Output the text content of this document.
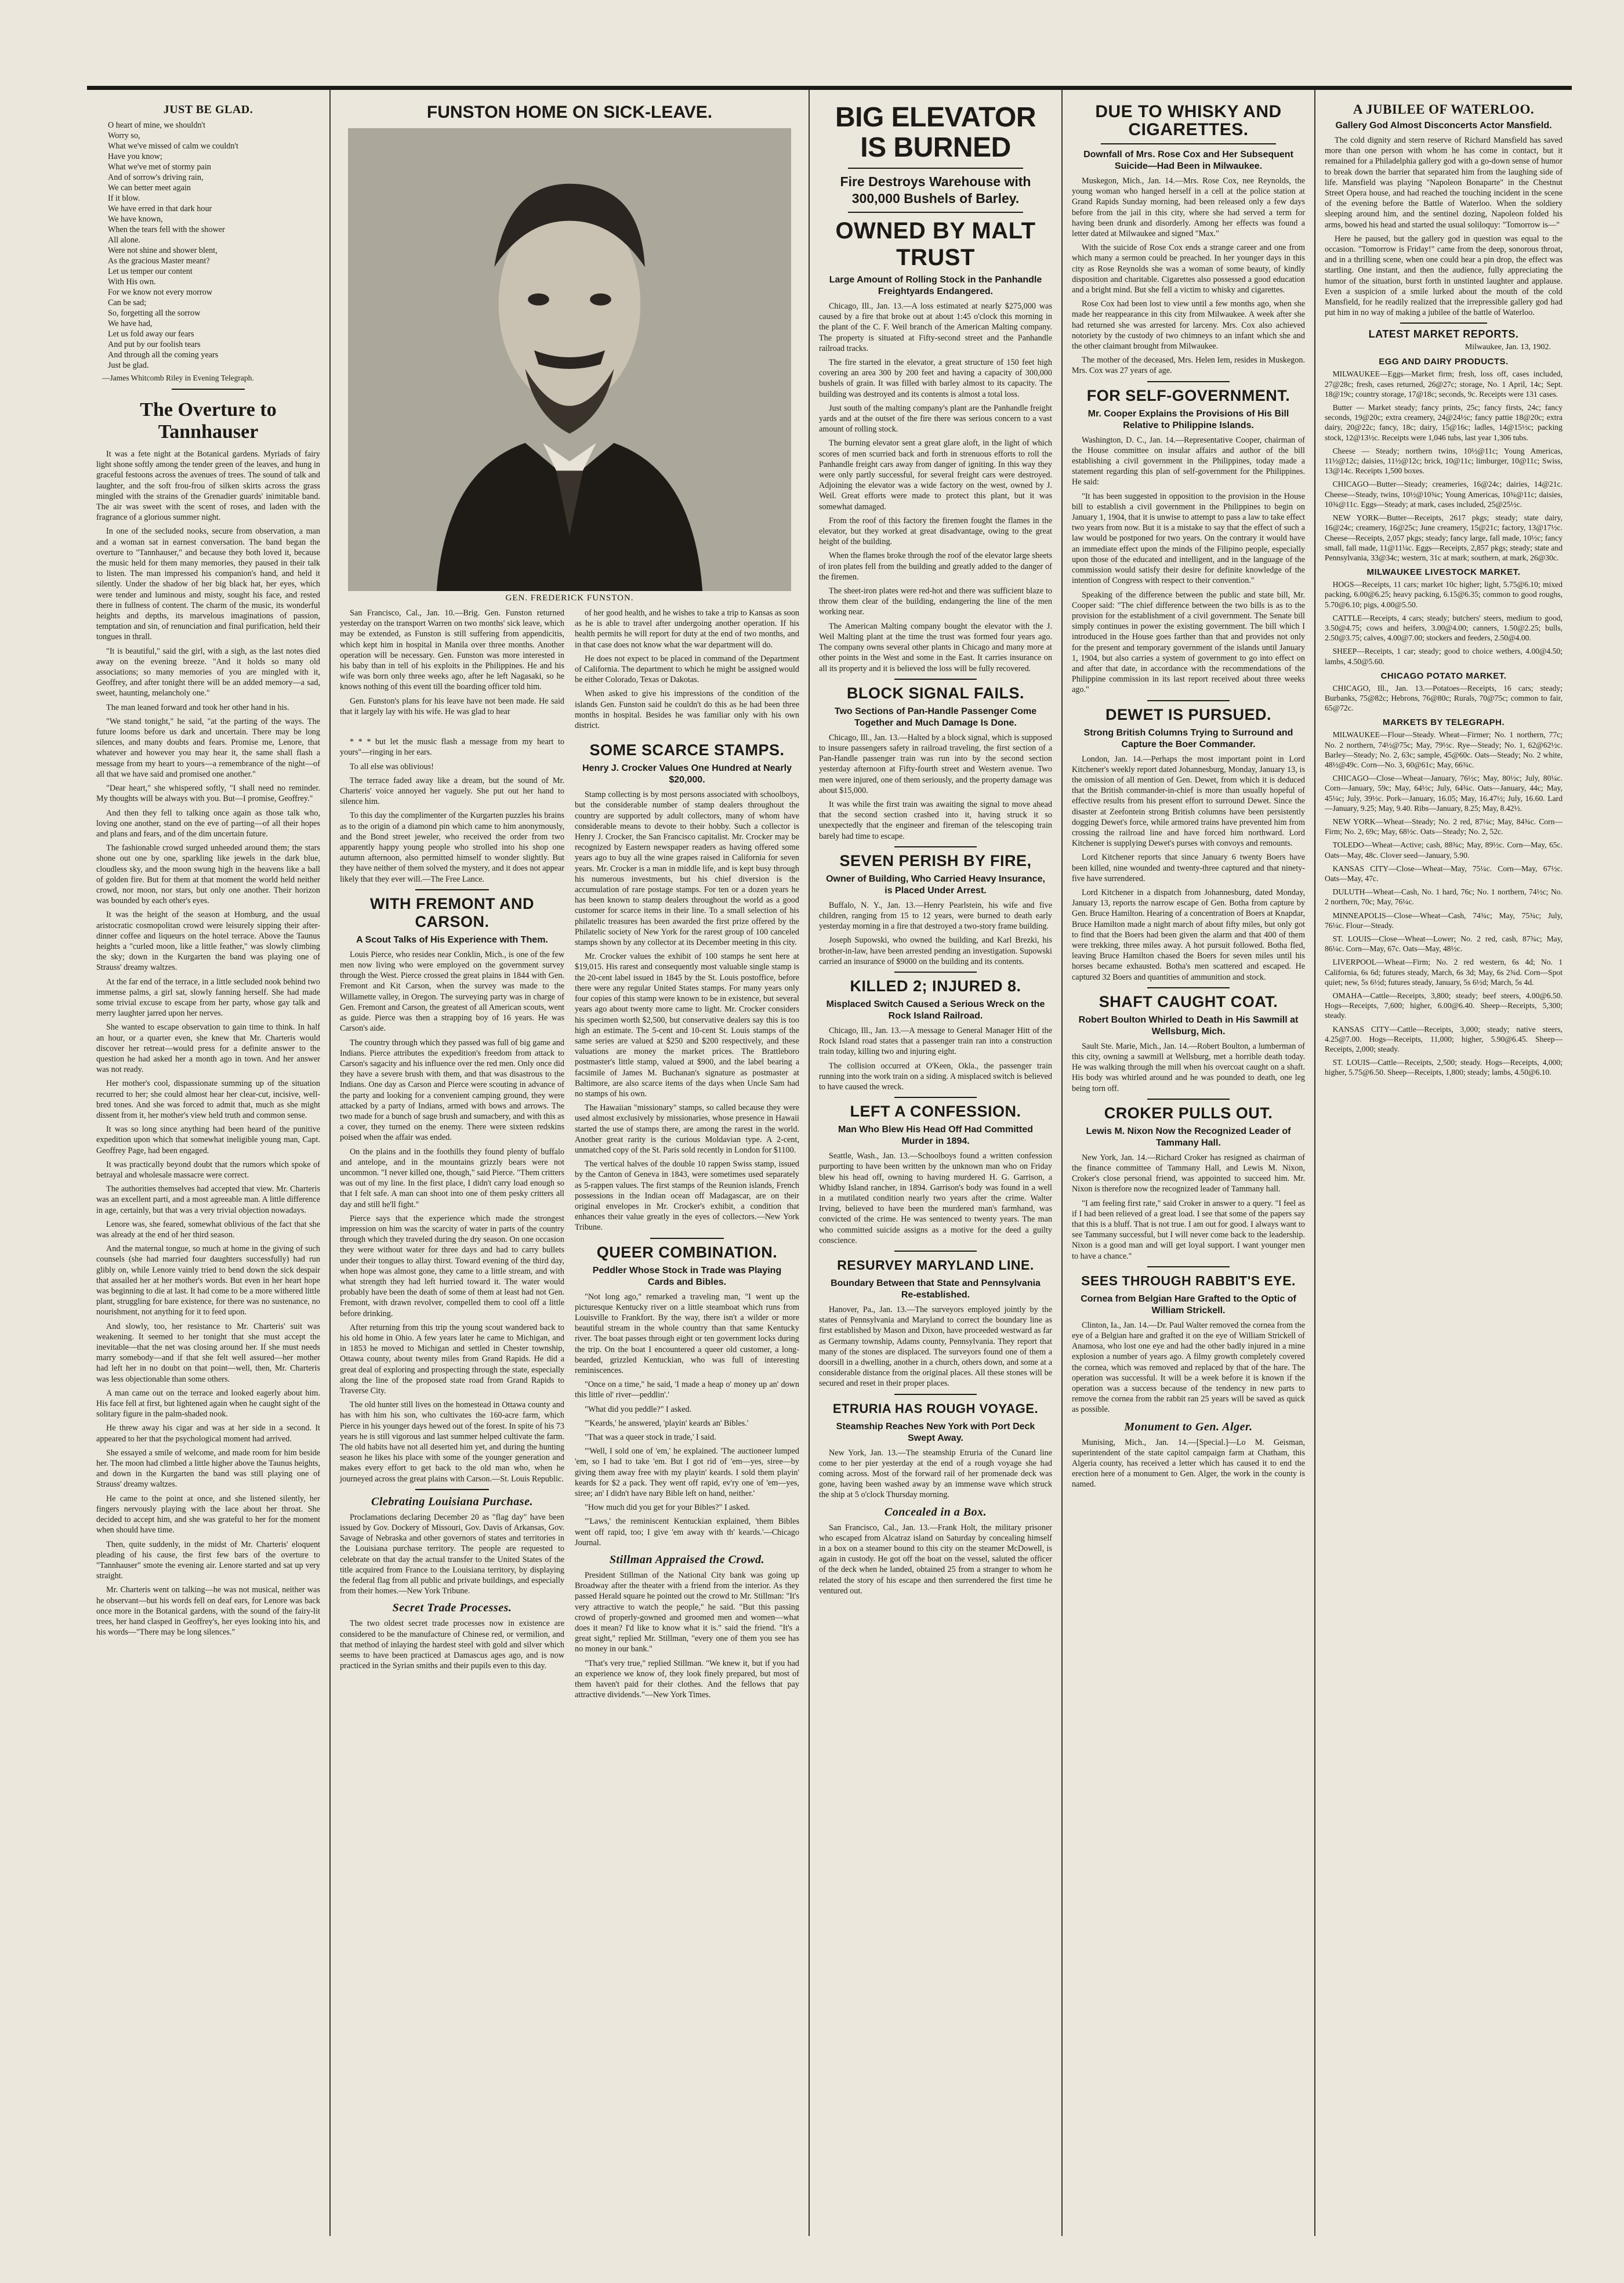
JUST BE GLAD.
O heart of mine, we shouldn't
Worry so,
What we've missed of calm we couldn't
Have you know;
What we've met of stormy pain
And of sorrow's driving rain,
We can better meet again
If it blow.
We have erred in that dark hour
We have known,
When the tears fell with the shower
All alone.
Were not shine and shower blent,
As the gracious Master meant?
Let us temper our content
With His own.
For we know not every morrow
Can be sad;
So, forgetting all the sorrow
We have had,
Let us fold away our fears
And put by our foolish tears
And through all the coming years
Just be glad.
—James Whitcomb Riley in Evening Telegraph.
The Overture to Tannhauser

It was a fete night at the Botanical gardens. Myriads of fairy light shone softly among the tender green of the leaves, and hung in graceful festoons across the avenues of trees. The sound of talk and laughter, and the soft frou-frou of silken skirts across the grass mingled with the strains of the Grenadier guards' inimitable band. The air was sweet with the scent of roses, and laden with the fragrance of a glorious summer night.

In one of the secluded nooks, secure from observation, a man and a woman sat in earnest conversation. The band began the overture to "Tannhauser," and because they both loved it, because the music held for them many memories, they paused in their talk to listen. The man impressed his companion's hand, and held it silently. Under the shadow of her big black hat, her eyes, which were tender and luminous and misty, sought his face, and rested there in fullness of content. The charm of the music, its wonderful heights and depths, its marvelous imaginations of passion, temptation and sin, of renunciation and final purification, held their tongues in thrall.

"It is beautiful," said the girl, with a sigh, as the last notes died away on the evening breeze. "And it holds so many old associations; so many memories of you are mingled with it, Geoffrey, and after tonight there will be an added memory—a sad, sweet, haunting, melancholy one."

The man leaned forward and took her other hand in his.

"We stand tonight," he said, "at the parting of the ways. The future looms before us dark and uncertain. There may be long silences, and many doubts and fears. Promise me, Lenore, that whatever and however you may hear it, the same shall flash a message from my heart to yours—a remembrance of the night—of all that we have said and promised one another."

"Dear heart," she whispered softly, "I shall need no reminder. My thoughts will be always with you. But—I promise, Geoffrey."

And then they fell to talking once again as those talk who, loving one another, stand on the eve of parting—of all their hopes and plans and fears, and of the dim uncertain future.

The fashionable crowd surged unheeded around them; the stars shone out one by one, sparkling like jewels in the dark blue, cloudless sky, and the moon swung high in the heavens like a ball of golden fire. But for them at that moment the world held neither crowd, nor moon, nor stars, but only one another. Their horizon was bounded by each other's eyes.

It was the height of the season at Homburg, and the usual aristocratic cosmopolitan crowd were leisurely sipping their after-dinner coffee and liqueurs on the hotel terrace. Above the Taunus heights a "curled moon, like a little feather," was slowly climbing the sky; down in the Kurgarten the band was playing one of Strauss' dreamy waltzes.

At the far end of the terrace, in a little secluded nook behind two immense palms, a girl sat, slowly fanning herself. She had made some trivial excuse to escape from her party, whose gay talk and merry laughter jarred upon her nerves.

She wanted to escape observation to gain time to think. In half an hour, or a quarter even, she knew that Mr. Charteris would discover her retreat—would press for a definite answer to the question he had asked her a month ago in town. And her answer was not ready.

Her mother's cool, dispassionate summing up of the situation recurred to her; she could almost hear her clear-cut, incisive, well-bred tones. And she was forced to admit that, much as she might dissent from it, her mother's view held truth and common sense.

It was so long since anything had been heard of the punitive expedition upon which that somewhat ineligible young man, Capt. Geoffrey Page, had been engaged.

It was practically beyond doubt that the rumors which spoke of betrayal and wholesale massacre were correct.

The authorities themselves had accepted that view. Mr. Charteris was an excellent parti, and a most agreeable man. A little difference in age, certainly, but that was a very trivial objection nowadays.

Lenore was, she feared, somewhat oblivious of the fact that she was already at the end of her third season.

And the maternal tongue, so much at home in the giving of such counsels (she had married four daughters successfully) had run glibly on, while Lenore vainly tried to bend down the sick despair that assailed her at her mother's words. But even in her heart hope was beginning to die at last. It had come to be a more withered little plant, struggling for bare existence, for there was no sustenance, no nourishment, not anything for it to feed upon.

And slowly, too, her resistance to Mr. Charteris' suit was weakening. It seemed to her tonight that she must accept the inevitable—that the net was closing around her. If she must needs marry somebody—and if that she felt well assured—her mother had left her in no doubt on that point—well, then, Mr. Charteris was less objectionable than some others.

A man came out on the terrace and looked eagerly about him. His face fell at first, but lightened again when he caught sight of the solitary figure in the palm-shaded nook.

He threw away his cigar and was at her side in a second. It appeared to her that the psychological moment had arrived.

She essayed a smile of welcome, and made room for him beside her. The moon had climbed a little higher above the Taunus heights, and down in the Kurgarten the band was still playing one of Strauss' dreamy waltzes.

He came to the point at once, and she listened silently, her fingers nervously playing with the lace about her throat. She decided to accept him, and she was grateful to her for the moment when should have time.

Then, quite suddenly, in the midst of Mr. Charteris' eloquent pleading of his cause, the first few bars of the overture to "Tannhauser" smote the evening air. Lenore started and sat up very straight.

Mr. Charteris went on talking—he was not musical, neither was he observant—but his words fell on deaf ears, for Lenore was back once more in the Botanical gardens, with the sound of the fairy-lit trees, her hand clasped in Geoffrey's, her eyes looking into his, and his words—"There may be long silences."

FUNSTON HOME ON SICK-LEAVE.
GEN. FREDERICK FUNSTON.

San Francisco, Cal., Jan. 10.—Brig. Gen. Funston returned yesterday on the transport Warren on two months' sick leave, which may be extended, as Funston is still suffering from appendicitis, which kept him in hospital in Manila over three months. Another operation will be necessary. Gen. Funston was more interested in his baby than in tell of his exploits in the Philippines. He and his wife was born only three weeks ago, after he left Nagasaki, so he knows nothing of this event till the boarding officer told him.

Gen. Funston's plans for his leave have not been made. He said that it largely lay with his wife. He was glad to hear

of her good health, and he wishes to take a trip to Kansas as soon as he is able to travel after undergoing another operation. If his health permits he will report for duty at the end of two months, and in that case does not know what the war department will do.

He does not expect to be placed in command of the Department of California. The department to which he might be assigned would be either Colorado, Texas or Dakotas.

When asked to give his impressions of the condition of the islands Gen. Funston said he couldn't do this as he had been three months in hospital. Besides he was familiar only with his own district.

* * * but let the music flash a message from my heart to yours"—ringing in her ears.

To all else was oblivious!

The terrace faded away like a dream, but the sound of Mr. Charteris' voice annoyed her vaguely. She put out her hand to silence him.

To this day the complimenter of the Kurgarten puzzles his brains as to the origin of a diamond pin which came to him anonymously, and the Bond street jeweler, who received the order from two apparently happy young people who strolled into his shop one autumn afternoon, also permitted himself to wonder slightly. But they have neither of them solved the mystery, and it does not appear likely that they ever will.—The Free Lance.

WITH FREMONT AND CARSON.
A Scout Talks of His Experience with Them.

Louis Pierce, who resides near Conklin, Mich., is one of the few men now living who were employed on the government survey through the West. Pierce crossed the great plains in 1844 with Gen. Fremont and Kit Carson, when the survey was made to the Willamette valley, in Oregon. The surveying party was in charge of Gen. Fremont and Carson, the greatest of all American scouts, went as guide. Pierce was then a strapping boy of 16 years. He was Carson's aide.

The country through which they passed was full of big game and Indians. Pierce attributes the expedition's freedom from attack to Carson's sagacity and his influence over the red men. Only once did they have a severe brush with them, and that was disastrous to the Indians. One day as Carson and Pierce were scouting in advance of the party and looking for a convenient camping ground, they were attacked by a party of Indians, armed with bows and arrows. The two made for a bunch of sage brush and sumacbery, and with this as a cover, they turned on the enemy. There were sixteen redskins poised when the affair was ended.

On the plains and in the foothills they found plenty of buffalo and antelope, and in the mountains grizzly bears were not uncommon. "I never killed one, though," said Pierce. "Them critters was out of my line. In the first place, I didn't carry load enough so that I felt safe. A man can shoot into one of them pesky critters all day and still he'll fight."

Pierce says that the experience which made the strongest impression on him was the scarcity of water in parts of the country through which they traveled during the dry season. On one occasion they were without water for three days and had to carry bullets under their tongues to allay thirst. Toward evening of the third day, when hope was almost gone, they came to a little stream, and with what strength they had left hurried toward it. The water would probably have been the death of some of them at least had not Gen. Fremont, with drawn revolver, compelled them to cool off a little before drinking.

After returning from this trip the young scout wandered back to his old home in Ohio. A few years later he came to Michigan, and in 1853 he moved to Michigan and settled in Chester township, Ottawa county, about twenty miles from Grand Rapids. He did a great deal of exploring and prospecting through the state, especially along the line of the proposed state road from Grand Rapids to Traverse City.

The old hunter still lives on the homestead in Ottawa county and has with him his son, who cultivates the 160-acre farm, which Pierce in his younger days hewed out of the forest. In spite of his 73 years he is still vigorous and last summer helped cultivate the farm. The old habits have not all deserted him yet, and during the hunting season he likes his place with some of the younger generation and makes every effort to get back to the old man who, when he journeyed across the great plains with Carson.—St. Louis Republic.

Clebrating Louisiana Purchase.

Proclamations declaring December 20 as "flag day" have been issued by Gov. Dockery of Missouri, Gov. Davis of Arkansas, Gov. Savage of Nebraska and other governors of states and territories in the Louisiana purchase territory. The people are requested to celebrate on that day the actual transfer to the United States of the title acquired from France to the Louisiana territory, by displaying the federal flag from all public and private buildings, and especially from their homes.—New York Tribune.

Secret Trade Processes.

The two oldest secret trade processes now in existence are considered to be the manufacture of Chinese red, or vermilion, and that method of inlaying the hardest steel with gold and silver which seems to have been practiced at Damascus ages ago, and is now practiced in the Syrian smiths and their pupils even to this day.

SOME SCARCE STAMPS.
Henry J. Crocker Values One Hundred at Nearly $20,000.

Stamp collecting is by most persons associated with schoolboys, but the considerable number of stamp dealers throughout the country are supported by adult collectors, many of whom have considerable means to devote to their hobby. Such a collector is Henry J. Crocker, the San Francisco capitalist. Mr. Crocker may be recognized by Eastern newspaper readers as having offered some years ago to buy all the wine grapes raised in California for seven years. Mr. Crocker is a man in middle life, and is kept busy through his numerous investments, but his chief diversion is the accumulation of rare postage stamps. For ten or a dozen years he has been known to stamp dealers throughout the world as a good customer for scarce items in their line. To a small selection of his philatelic treasures has been awarded the first prize offered by the Philatelic society of New York for the rarest group of 100 canceled stamps shown by any collector at its December meeting in this city.

Mr. Crocker values the exhibit of 100 stamps he sent here at $19,015. His rarest and consequently most valuable single stamp is the 20-cent label issued in 1845 by the St. Louis postoffice, before there were any regular United States stamps. For many years only four copies of this stamp were known to be in existence, but several years ago about twenty more came to light. Mr. Crocker considers his specimen worth $2,500, but conservative dealers say this is too high an estimate. The 5-cent and 10-cent St. Louis stamps of the same series are valued at $250 and $200 respectively, and these valuations are money the market prices. The Brattleboro postmaster's little stamp, valued at $900, and the label bearing a facsimile of James M. Buchanan's signature as postmaster at Baltimore, are also scarce items of the days when Uncle Sam had no stamps of his own.

The Hawaiian "missionary" stamps, so called because they were used almost exclusively by missionaries, whose presence in Hawaii started the use of stamps there, are among the rarest in the world. Another great rarity is the curious Moldavian type. A 2-cent, unmatched copy of the St. Paris sold recently in London for $1100.

The vertical halves of the double 10 rappen Swiss stamp, issued by the Canton of Geneva in 1843, were sometimes used separately as 5-rappen values. The first stamps of the Reunion islands, French possessions in the Indian ocean off Madagascar, are on their original envelopes in Mr. Crocker's exhibit, a condition that enhances their value greatly in the eyes of collectors.—New York Tribune.

QUEER COMBINATION.
Peddler Whose Stock in Trade was Playing Cards and Bibles.

"Not long ago," remarked a traveling man, "I went up the picturesque Kentucky river on a little steamboat which runs from Louisville to Frankfort. By the way, there isn't a wilder or more beautiful stream in the whole country than that same Kentucky river. The boat passes through eight or ten government locks during the trip. On the boat I encountered a queer old customer, a long-bearded, grizzled Kentuckian, who was full of interesting reminiscences.

"Once on a time," he said, 'I made a heap o' money up an' down this little ol' river—peddlin'.'

"What did you peddle?" I asked.

"'Keards,' he answered, 'playin' keards an' Bibles.'

"That was a queer stock in trade,' I said.

"'Well, I sold one of 'em,' he explained. 'The auctioneer lumped 'em, so I had to take 'em. But I got rid of 'em—yes, siree—by giving them away free with my playin' keards. I sold them playin' keards for $2 a pack. They went off rapid, ev'ry one of 'em—yes, siree; an' I didn't have nary Bible left on hand, neither.'

"How much did you get for your Bibles?" I asked.

"'Laws,' the reminiscent Kentuckian explained, 'them Bibles went off rapid, too; I give 'em away with th' keards.'—Chicago Journal.

Stillman Appraised the Crowd.

President Stillman of the National City bank was going up Broadway after the theater with a friend from the interior. As they passed Herald square he pointed out the crowd to Mr. Stillman: "It's very attractive to watch the people," he said. "But this passing crowd of properly-gowned and groomed men and women—what does it mean? I'd like to know what it is." said the friend. "It's a great sight," replied Mr. Stillman, "every one of them you see has no money in our bank."

"That's very true," replied Stillman. "We knew it, but if you had an experience we know of, they look finely prepared, but most of them haven't paid for their clothes. And the fellows that pay attractive dividends."—New York Times.

BIG ELEVATOR IS BURNED
Fire Destroys Warehouse with 300,000 Bushels of Barley.
OWNED BY MALT TRUST
Large Amount of Rolling Stock in the Panhandle Freightyards Endangered.

Chicago, Ill., Jan. 13.—A loss estimated at nearly $275,000 was caused by a fire that broke out at about 1:45 o'clock this morning in the plant of the C. F. Weil branch of the American Malting company. The property is situated at Fifty-second street and the Panhandle railroad tracks.

The fire started in the elevator, a great structure of 150 feet high covering an area 300 by 200 feet and having a capacity of 300,000 bushels of grain. It was filled with barley almost to its capacity. The building was destroyed and its contents is almost a total loss.

Just south of the malting company's plant are the Panhandle freight yards and at the outset of the fire there was serious concern to a vast amount of rolling stock.

The burning elevator sent a great glare aloft, in the light of which scores of men scurried back and forth in strenuous efforts to roll the Panhandle freight cars away from danger of igniting. In this way they were only partly successful, for several freight cars were destroyed. Adjoining the elevator was a wide factory on the west, owned by J. Weil. Great efforts were made to protect this plant, but it was somewhat damaged.

From the roof of this factory the firemen fought the flames in the elevator, but they worked at great disadvantage, owing to the great height of the building.

When the flames broke through the roof of the elevator large sheets of iron plates fell from the building and greatly added to the danger of the firemen.

The sheet-iron plates were red-hot and there was sufficient blaze to throw them clear of the building, endangering the line of the men working near.

The American Malting company bought the elevator with the J. Weil Malting plant at the time the trust was formed four years ago. The company owns several other plants in Chicago and many more at other points in the West and some in the East. It carries insurance on all its property and it is believed the loss will be fully recovered.

BLOCK SIGNAL FAILS.
Two Sections of Pan-Handle Passenger Come Together and Much Damage Is Done.

Chicago, Ill., Jan. 13.—Halted by a block signal, which is supposed to insure passengers safety in railroad traveling, the first section of a Pan-Handle passenger train was run into by the second section yesterday afternoon at Fifty-fourth street and Western avenue. Two men were injured, one of them seriously, and the property damage was about $15,000.

It was while the first train was awaiting the signal to move ahead that the second section crashed into it, having struck it so unexpectedly that the engineer and fireman of the telescoping train barely had time to escape.

SEVEN PERISH BY FIRE,
Owner of Building, Who Carried Heavy Insurance, is Placed Under Arrest.

Buffalo, N. Y., Jan. 13.—Henry Pearlstein, his wife and five children, ranging from 15 to 12 years, were burned to death early yesterday morning in a fire that destroyed a two-story frame building.

Joseph Supowski, who owned the building, and Karl Brezki, his brother-in-law, have been arrested pending an investigation. Supowski carried an insurance of $9000 on the building and its contents.

KILLED 2; INJURED 8.
Misplaced Switch Caused a Serious Wreck on the Rock Island Railroad.

Chicago, Ill., Jan. 13.—A message to General Manager Hitt of the Rock Island road states that a passenger train ran into a construction train today, killing two and injuring eight.

The collision occurred at O'Keen, Okla., the passenger train running into the work train on a siding. A misplaced switch is believed to have caused the wreck.

LEFT A CONFESSION.
Man Who Blew His Head Off Had Committed Murder in 1894.

Seattle, Wash., Jan. 13.—Schoolboys found a written confession purporting to have been written by the unknown man who on Friday blew his head off, owning to having murdered H. G. Garrison, a Whidby Island rancher, in 1894. Garrison's body was found in a well in a mutilated condition nearly two years after the crime. Walter Irving, believed to have been the murdered man's farmhand, was convicted of the crime. He was sentenced to twenty years. The man who committed suicide assigns as a motive for the deed a guilty conscience.

RESURVEY MARYLAND LINE.
Boundary Between that State and Pennsylvania Re-established.

Hanover, Pa., Jan. 13.—The surveyors employed jointly by the states of Pennsylvania and Maryland to correct the boundary line as first established by Mason and Dixon, have proceeded westward as far as Germany township, Adams county, Pennsylvania. They report that many of the stones are displaced. The surveyors found one of them a doorsill in a dwelling, another in a church, others down, and some at a considerable distance from the original places. All these stones will be secured and reset in their proper places.

ETRURIA HAS ROUGH VOYAGE.
Steamship Reaches New York with Port Deck Swept Away.

New York, Jan. 13.—The steamship Etruria of the Cunard line come to her pier yesterday at the end of a rough voyage she had coming across. Most of the forward rail of her promenade deck was gone, having been washed away by an immense wave which struck the ship at 5 o'clock Thursday morning.

Concealed in a Box.

San Francisco, Cal., Jan. 13.—Frank Holt, the military prisoner who escaped from Alcatraz island on Saturday by concealing himself in a box on a steamer bound to this city on the steamer McDowell, is again in custody. He got off the boat on the vessel, saluted the officer of the deck when he landed, obtained 25 from a stranger to whom he related the story of his escape and then surrendered the first time he ventured out.

DUE TO WHISKY AND CIGARETTES.
Downfall of Mrs. Rose Cox and Her Subsequent Suicide—Had Been in Milwaukee.

Muskegon, Mich., Jan. 14.—Mrs. Rose Cox, nee Reynolds, the young woman who hanged herself in a cell at the police station at Grand Rapids Sunday morning, had been released only a few days before from the jail in this city, where she had served a term for having been drunk and disorderly. Among her effects was found a letter dated at Milwaukee and signed "Max."

With the suicide of Rose Cox ends a strange career and one from which many a sermon could be preached. In her younger days in this city as Rose Reynolds she was a woman of some beauty, of kindly disposition and charitable. Cigarettes also possessed a good education and a bright mind. But she fell a victim to whisky and cigarettes.

Rose Cox had been lost to view until a few months ago, when she made her reappearance in this city from Milwaukee. A week after she had returned she was arrested for larceny. Mrs. Cox also achieved notoriety by the custody of two chimneys to an infant which she and the other claimant brought from Milwaukee.

The mother of the deceased, Mrs. Helen Iem, resides in Muskegon. Mrs. Cox was 27 years of age.

FOR SELF-GOVERNMENT.
Mr. Cooper Explains the Provisions of His Bill Relative to Philippine Islands.

Washington, D. C., Jan. 14.—Representative Cooper, chairman of the House committee on insular affairs and author of the bill establishing a civil government in the Philippines, today made a statement regarding this plan of self-government for the Philippines. He said:

"It has been suggested in opposition to the provision in the House bill to establish a civil government in the Philippines to begin on January 1, 1904, that it is unwise to attempt to pass a law to take effect two years from now. But it is a mistake to say that the effect of such a law would be postponed for two years. On the contrary it would have an immediate effect upon the minds of the Filipino people, especially upon those of the educated and intelligent, and in the language of the commission would satisfy their desire for definite knowledge of the intention of Congress with respect to their convention."

Speaking of the difference between the public and state bill, Mr. Cooper said: "The chief difference between the two bills is as to the provision for the establishment of a civil government. The Senate bill simply continues in power the existing government. The bill which I introduced in the House goes farther than that and provides not only for the present and temporary government of the islands until January 1, 1904, but also carries a system of government to go into effect on and after that date, in accordance with the recommendations of the Philippine commission in its last report received about three weeks ago."

DEWET IS PURSUED.
Strong British Columns Trying to Surround and Capture the Boer Commander.

London, Jan. 14.—Perhaps the most important point in Lord Kitchener's weekly report dated Johannesburg, Monday, January 13, is the omission of all mention of Gen. Dewet, from which it is deduced that the British commander-in-chief is more than usually hopeful of effective results from his present effort to surround Dewet. Since the disaster at Zeefontein strong British columns have been persistently dogging Dewet's force, while armored trains have prevented him from crossing the railroad line and have forced him northward. Lord Kitchener is supplying Dewet's purses with convoys and remounts.

Lord Kitchener reports that since January 6 twenty Boers have been killed, nine wounded and twenty-three captured and that ninety-five have surrendered.

Lord Kitchener in a dispatch from Johannesburg, dated Monday, January 13, reports the narrow escape of Gen. Botha from capture by Gen. Bruce Hamilton. Hearing of a concentration of Boers at Knapdar, Bruce Hamilton made a night march of about fifty miles, but only got to find that the Boers had been given the alarm and that 400 of them were trekking, three miles away. A hot pursuit followed. Botha fled, leaving Bruce Hamilton chased the Boers for seven miles until his horses became exhausted. Botha's men scattered and escaped. He captured 32 Boers and quantities of ammunition and stock.

SHAFT CAUGHT COAT.
Robert Boulton Whirled to Death in His Sawmill at Wellsburg, Mich.

Sault Ste. Marie, Mich., Jan. 14.—Robert Boulton, a lumberman of this city, owning a sawmill at Wellsburg, met a horrible death today. He was walking through the mill when his overcoat caught on a shaft. His body was whirled around and he was pounded to death, one leg being torn off.

CROKER PULLS OUT.
Lewis M. Nixon Now the Recognized Leader of Tammany Hall.

New York, Jan. 14.—Richard Croker has resigned as chairman of the finance committee of Tammany Hall, and Lewis M. Nixon, Croker's close personal friend, was appointed to succeed him. Mr. Nixon is therefore now the recognized leader of Tammany hall.

"I am feeling first rate," said Croker in answer to a query. "I feel as if I had been relieved of a great load. I see that some of the papers say that this is a bluff. That is not true. I am out for good. I always want to see Tammany successful, but I will never come back to the leadership. Nixon is a good man and will get loyal support. I want younger men to have a chance."

SEES THROUGH RABBIT'S EYE.
Cornea from Belgian Hare Grafted to the Optic of William Strickell.

Clinton, Ia., Jan. 14.—Dr. Paul Walter removed the cornea from the eye of a Belgian hare and grafted it on the eye of William Strickell of Anamosa, who lost one eye and had the other badly injured in a mine explosion a number of years ago. A filmy growth completely covered the cornea, which was removed and replaced by that of the hare. The operation was successful. It will be a week before it is known if the operation was a success because of the tendency in new parts to remove the cornea from the rabbit ran 25 years will be saved as quick as possible.

Monument to Gen. Alger.

Munising, Mich., Jan. 14.—[Special.]—Lo M. Geisman, superintendent of the state capitol campaign farm at Chatham, this Algeria county, has received a letter which has caused it to end the erection here of a monument to Gen. Alger, the work in the county is named.

A JUBILEE OF WATERLOO.
Gallery God Almost Disconcerts Actor Mansfield.

The cold dignity and stern reserve of Richard Mansfield has saved more than one person with whom he has come in contact, but it remained for a Philadelphia gallery god with a go-down sense of humor to break down the barrier that separated him from the laughing side of life. Mansfield was playing "Napoleon Bonaparte" in the Chestnut Street Opera house, and had reached the touching incident in the scene of the evening before the Battle of Waterloo. When the soldiery sleeping around him, and the sentinel dozing, Napoleon folded his arms, bowed his head and started the usual soliloquy: "Tomorrow is—"

Here he paused, but the gallery god in question was equal to the occasion. "Tomorrow is Friday!" came from the deep, sonorous throat, and in a thrilling scene, when one could hear a pin drop, the effect was startling. One instant, and then the audience, fully appreciating the humor of the situation, burst forth in unstinted laughter and applause. Even a suspicion of a smile lurked about the mouth of the cold Mansfield, for he readily realized that the irrepressible gallery god had put him in no way of making a jubilee of the battle of Waterloo.

LATEST MARKET REPORTS.
Milwaukee, Jan. 13, 1902.
EGG AND DAIRY PRODUCTS.

MILWAUKEE—Eggs—Market firm; fresh, loss off, cases included, 27@28c; fresh, cases returned, 26@27c; storage, No. 1 April, 14c; Sept. 18@19c; country storage, 17@18c; seconds, 9c. Receipts were 131 cases.

Butter — Market steady; fancy prints, 25c; fancy firsts, 24c; fancy seconds, 19@20c; extra creamery, 24@24½c; fancy pattie 18@20c; extra dairy, 20@22c; fancy, 18c; dairy, 15@16c; ladles, 14@15½c; packing stock, 12@13½c. Receipts were 1,046 tubs, last year 1,306 tubs.

Cheese — Steady; northern twins, 10½@11c; Young Americas, 11½@12c; daisies, 11½@12c; brick, 10@11c; limburger, 10@11c; Swiss, 13@14c. Receipts 1,500 boxes.

CHICAGO—Butter—Steady; creameries, 16@24c; dairies, 14@21c. Cheese—Steady, twins, 10½@10¾c; Young Americas, 10¾@11c; daisies, 10¾@11c. Eggs—Steady; at mark, cases included, 25@25½c.

NEW YORK—Butter—Receipts, 2617 pkgs; steady; state dairy, 16@24c; creamery, 16@25c; June creamery, 15@21c; factory, 13@17½c. Cheese—Receipts, 2,057 pkgs; steady; fancy large, fall made, 10½c; fancy small, fall made, 11@11¼c. Eggs—Receipts, 2,857 pkgs; steady; state and Pennsylvania, 33@34c; western, 31c at mark; southern, at mark, 26@30c.

MILWAUKEE LIVESTOCK MARKET.

HOGS—Receipts, 11 cars; market 10c higher; light, 5.75@6.10; mixed packing, 6.00@6.25; heavy packing, 6.15@6.35; common to good roughs, 5.70@6.10; pigs, 4.00@5.50.

CATTLE—Receipts, 4 cars; steady; butchers' steers, medium to good, 3.50@4.75; cows and heifers, 3.00@4.00; canners, 1.50@2.25; bulls, 2.50@3.75; calves, 4.00@7.00; stockers and feeders, 2.50@4.00.

SHEEP—Receipts, 1 car; steady; good to choice wethers, 4.00@4.50; lambs, 4.50@5.60.

CHICAGO POTATO MARKET.

CHICAGO, Ill., Jan. 13.—Potatoes—Receipts, 16 cars; steady; Burbanks, 75@82c; Hebrons, 76@80c; Rurals, 70@75c; common to fair, 65@72c.

MARKETS BY TELEGRAPH.

MILWAUKEE—Flour—Steady. Wheat—Firmer; No. 1 northern, 77c; No. 2 northern, 74½@75c; May, 79½c. Rye—Steady; No. 1, 62@62½c. Barley—Steady; No. 2, 63c; sample, 45@60c. Oats—Steady; No. 2 white, 48½@49c. Corn—No. 3, 60@61c; May, 66¾c.

CHICAGO—Close—Wheat—January, 76½c; May, 80½c; July, 80¼c. Corn—January, 59c; May, 64½c; July, 64¾c. Oats—January, 44c; May, 45¼c; July, 39½c. Pork—January, 16.05; May, 16.47½; July, 16.60. Lard—January, 9.25; May, 9.40. Ribs—January, 8.25; May, 8.42½.

NEW YORK—Wheat—Steady; No. 2 red, 87¼c; May, 84¾c. Corn—Firm; No. 2, 69c; May, 68½c. Oats—Steady; No. 2, 52c.

TOLEDO—Wheat—Active; cash, 88¾c; May, 89½c. Corn—May, 65c. Oats—May, 48c. Clover seed—January, 5.90.

KANSAS CITY—Close—Wheat—May, 75¼c. Corn—May, 67½c. Oats—May, 47c.

DULUTH—Wheat—Cash, No. 1 hard, 76c; No. 1 northern, 74½c; No. 2 northern, 70c; May, 76¼c.

MINNEAPOLIS—Close—Wheat—Cash, 74¾c; May, 75¾c; July, 76¼c. Flour—Steady.

ST. LOUIS—Close—Wheat—Lower; No. 2 red, cash, 87¾c; May, 86¼c. Corn—May, 67c. Oats—May, 48½c.

LIVERPOOL—Wheat—Firm; No. 2 red western, 6s 4d; No. 1 California, 6s 6d; futures steady, March, 6s 3d; May, 6s 2¾d. Corn—Spot quiet; new, 5s 6½d; futures steady, January, 5s 6½d; March, 5s 4d.

OMAHA—Cattle—Receipts, 3,800; steady; beef steers, 4.00@6.50. Hogs—Receipts, 7,600; higher, 6.00@6.40. Sheep—Receipts, 5,300; steady.

KANSAS CITY—Cattle—Receipts, 3,000; steady; native steers, 4.25@7.00. Hogs—Receipts, 11,000; higher, 5.90@6.45. Sheep—Receipts, 2,000; steady.

ST. LOUIS—Cattle—Receipts, 2,500; steady. Hogs—Receipts, 4,000; higher, 5.75@6.50. Sheep—Receipts, 1,800; steady; lambs, 4.50@6.10.
